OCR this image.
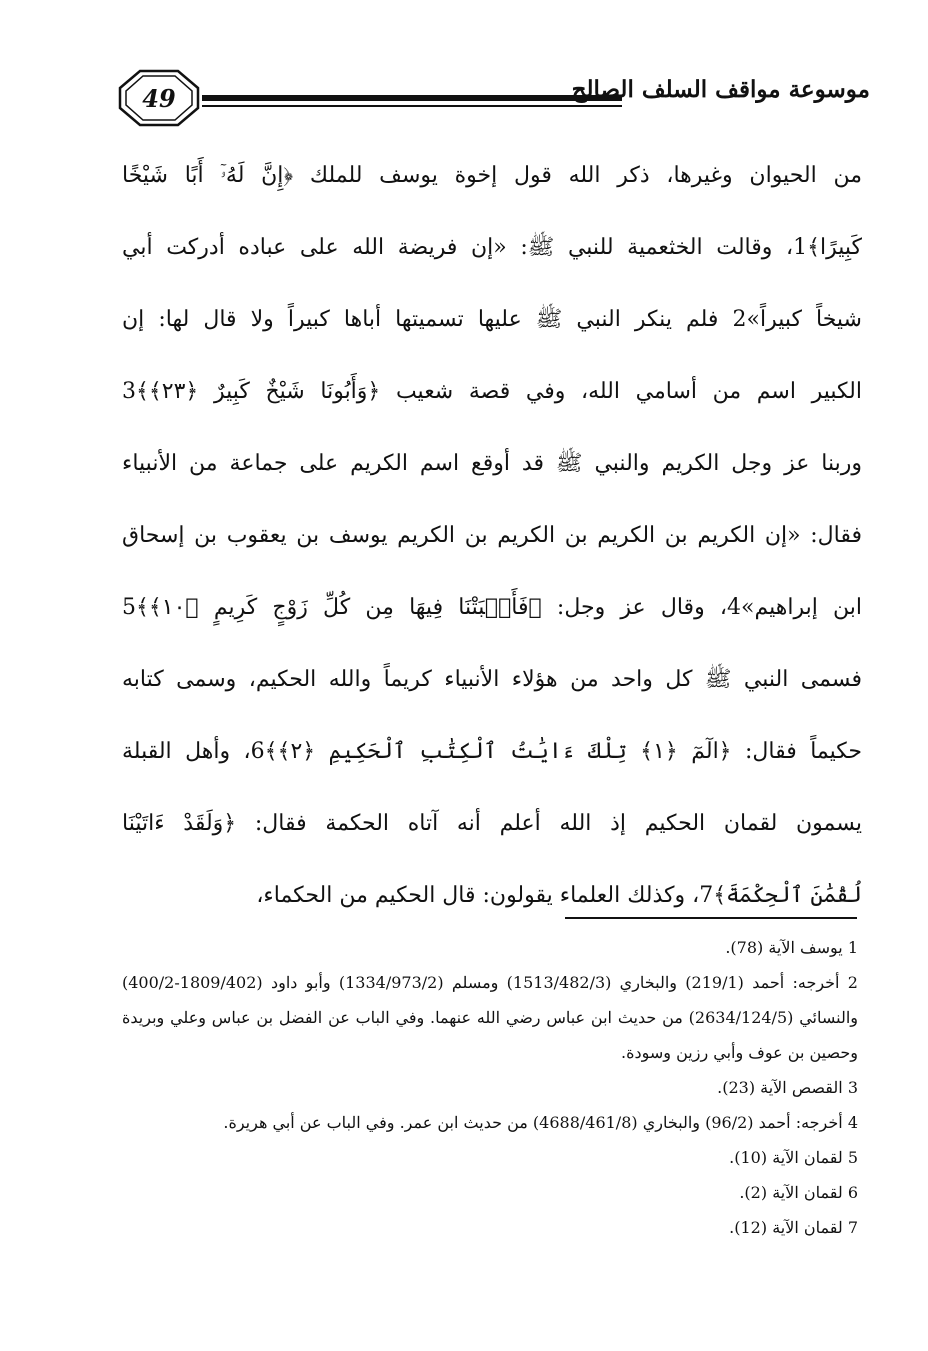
49	موسوعة مواقف السلف الصالح
من الحيوان وغيرها، ذكر الله قول إخوة يوسف للملك ﴿إِنَّ لَهُۥٓ أَبًا شَيْخًا
كَبِيرًا﴾1، وقالت الخثعمية للنبي ﷺ: «إن فريضة الله على عباده أدركت أبي
شيخاً كبيراً»2 فلم ينكر النبي ﷺ عليها تسميتها أباها كبيراً ولا قال لها: إن
الكبير اسم من أسامي الله، وفي قصة شعيب ﴿وَأَبُونَا شَيْخٌ كَبِيرٌ ﴿٢٣﴾﴾3
وربنا عز وجل الكريم والنبي ﷺ قد أوقع اسم الكريم على جماعة من الأنبياء
فقال: «إن الكريم بن الكريم بن الكريم بن الكريم يوسف بن يعقوب بن إسحاق
ابن إبراهيم»4، وقال عز وجل: ﴿فَأَنۢبَتْنَا فِيهَا مِن كُلِّ زَوْجٍ كَرِيمٍ ﴿١٠﴾﴾5
فسمى النبي ﷺ كل واحد من هؤلاء الأنبياء كريماً والله الحكيم، وسمى كتابه
حكيماً فقال: ﴿الٓمٓ ﴿١﴾ تِلْكَ ءَايَٰتُ ٱلْكِتَٰبِ ٱلْحَكِيمِ ﴿٢﴾﴾6، وأهل القبلة
يسمون لقمان الحكيم إذ الله أعلم أنه آتاه الحكمة فقال: ﴿وَلَقَدْ ءَاتَيْنَا
لُقْمَٰنَ ٱلْحِكْمَةَ﴾7، وكذلك العلماء يقولون: قال الحكيم من الحكماء،
1 يوسف الآية (78).
2 أخرجه: أحمد (219/1) والبخاري (1513/482/3) ومسلم (1334/973/2) وأبو داود (1809/402-400/2)
والنسائي (2634/124/5) من حديث ابن عباس رضي الله عنهما. وفي الباب عن الفضل بن عباس وعلي وبريدة
وحصين بن عوف وأبي رزين وسودة.
3 القصص الآية (23).
4 أخرجه: أحمد (96/2) والبخاري (4688/461/8) من حديث ابن عمر. وفي الباب عن أبي هريرة.
5 لقمان الآية (10).
6 لقمان الآية (2).
7 لقمان الآية (12).
